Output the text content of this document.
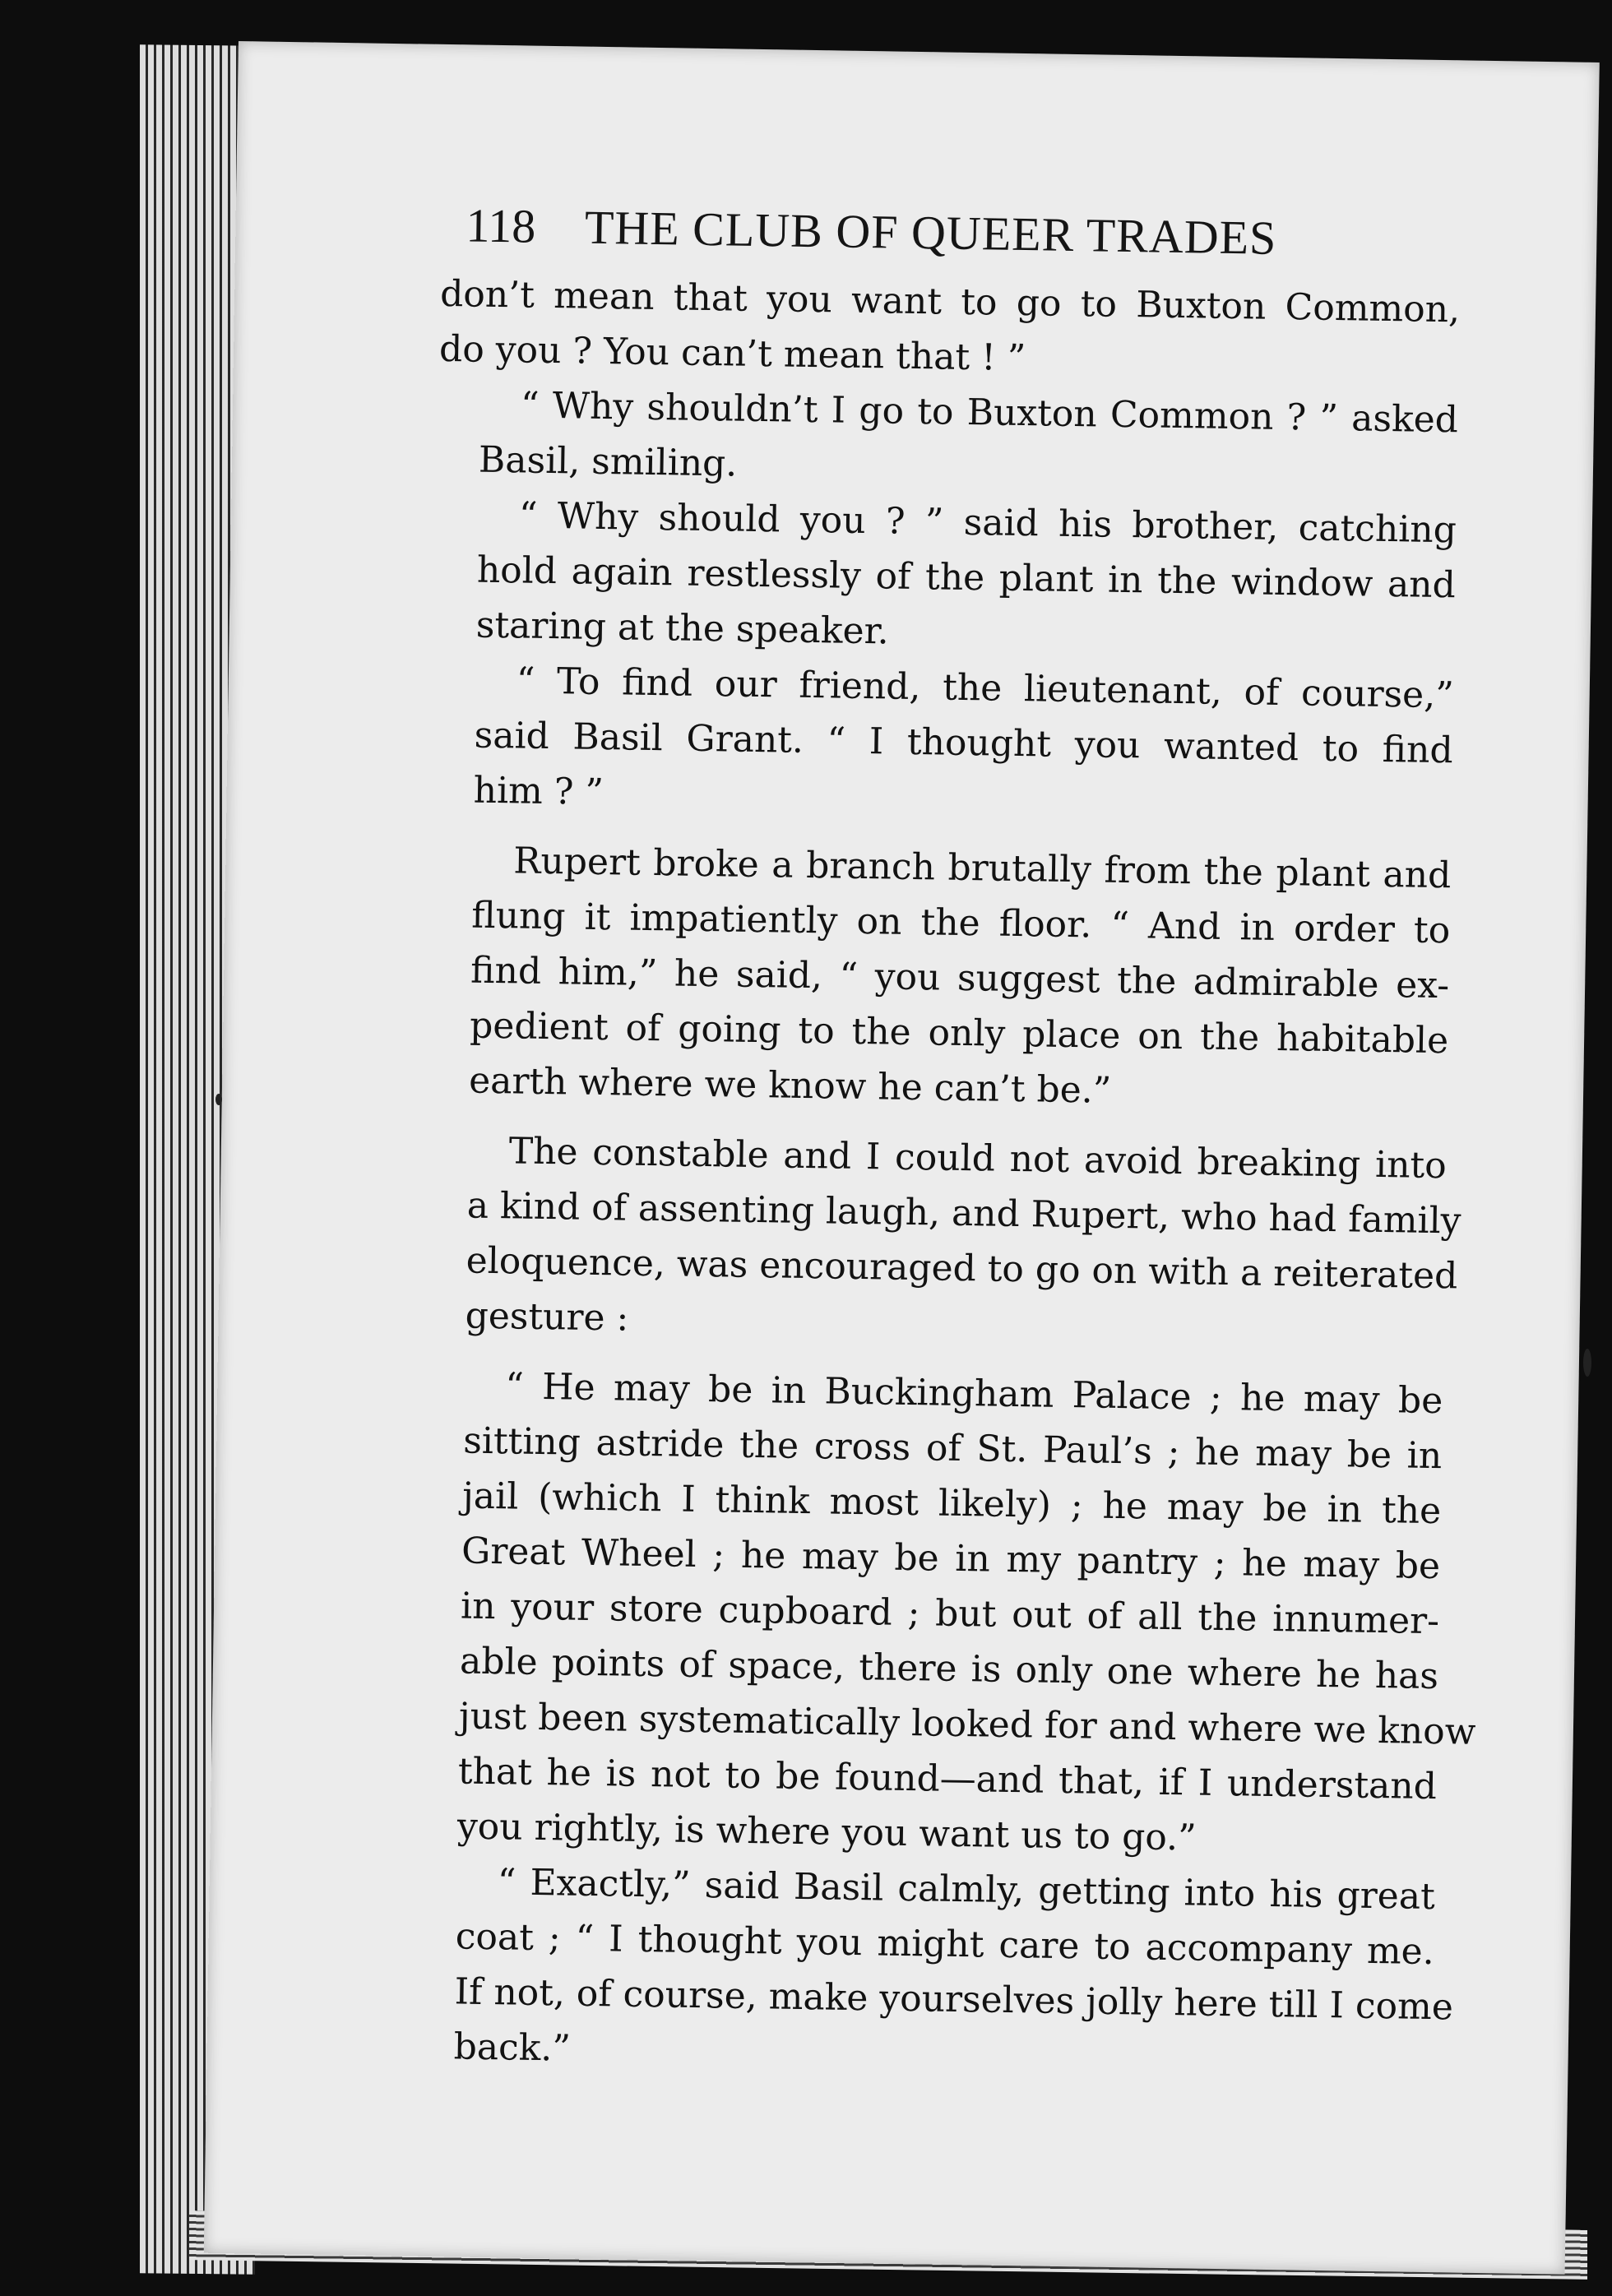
118 THE CLUB OF QUEER TRADES

don’t mean that you want to go to Buxton Common,
do you ? You can’t mean that ! ”

“ Why shouldn’t I go to Buxton Common ? ” asked
Basil, smiling.

“ Why should you ? ” said his brother, catching
hold again restlessly of the plant in the window and
staring at the speaker.

“ To find our friend, the lieutenant, of course,”
said Basil Grant. “ I thought you wanted to find
him ? ”

Rupert broke a branch brutally from the plant and
flung it impatiently on the floor. “ And in order to
find him,” he said, “ you suggest the admirable ex-
pedient of going to the only place on the habitable
earth where we know he can’t be.”

The constable and I could not avoid breaking into
a kind of assenting laugh, and Rupert, who had family
eloquence, was encouraged to go on with a reiterated
gesture :

“ He may be in Buckingham Palace ; he may be
sitting astride the cross of St. Paul’s ; he may be in
jail (which I think most likely) ; he may be in the
Great Wheel ; he may be in my pantry ; he may be
in your store cupboard ; but out of all the innumer-
able points of space, there is only one where he has
just been systematically looked for and where we know
that he is not to be found—and that, if I understand
you rightly, is where you want us to go.”

“ Exactly,” said Basil calmly, getting into his great
coat ; “ I thought you might care to accompany me.
If not, of course, make yourselves jolly here till I come
back.”
